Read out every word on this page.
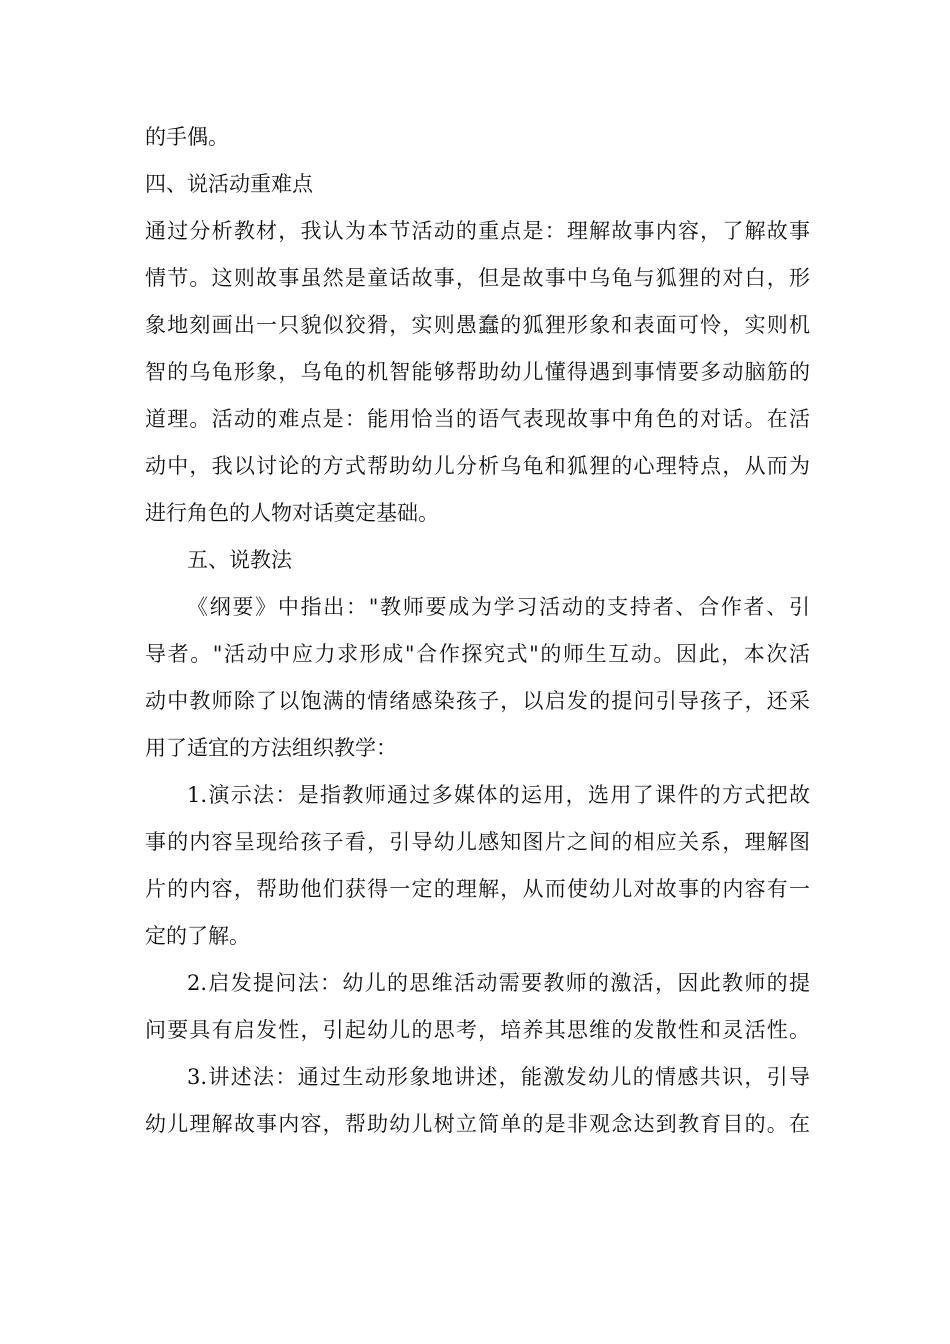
的手偶。
四、说活动重难点
通过分析教材，我认为本节活动的重点是：理解故事内容，了解故事
情节。这则故事虽然是童话故事，但是故事中乌龟与狐狸的对白，形
象地刻画出一只貌似狡猾，实则愚蠢的狐狸形象和表面可怜，实则机
智的乌龟形象，乌龟的机智能够帮助幼儿懂得遇到事情要多动脑筋的
道理。活动的难点是：能用恰当的语气表现故事中角色的对话。在活
动中，我以讨论的方式帮助幼儿分析乌龟和狐狸的心理特点，从而为
进行角色的人物对话奠定基础。
五、说教法
《纲要》中指出："教师要成为学习活动的支持者、合作者、引
导者。"活动中应力求形成"合作探究式"的师生互动。因此，本次活
动中教师除了以饱满的情绪感染孩子，以启发的提问引导孩子，还采
用了适宜的方法组织教学：
1.演示法：是指教师通过多媒体的运用，选用了课件的方式把故
事的内容呈现给孩子看，引导幼儿感知图片之间的相应关系，理解图
片的内容，帮助他们获得一定的理解，从而使幼儿对故事的内容有一
定的了解。
2.启发提问法：幼儿的思维活动需要教师的激活，因此教师的提
问要具有启发性，引起幼儿的思考，培养其思维的发散性和灵活性。
3.讲述法：通过生动形象地讲述，能激发幼儿的情感共识，引导
幼儿理解故事内容，帮助幼儿树立简单的是非观念达到教育目的。在
